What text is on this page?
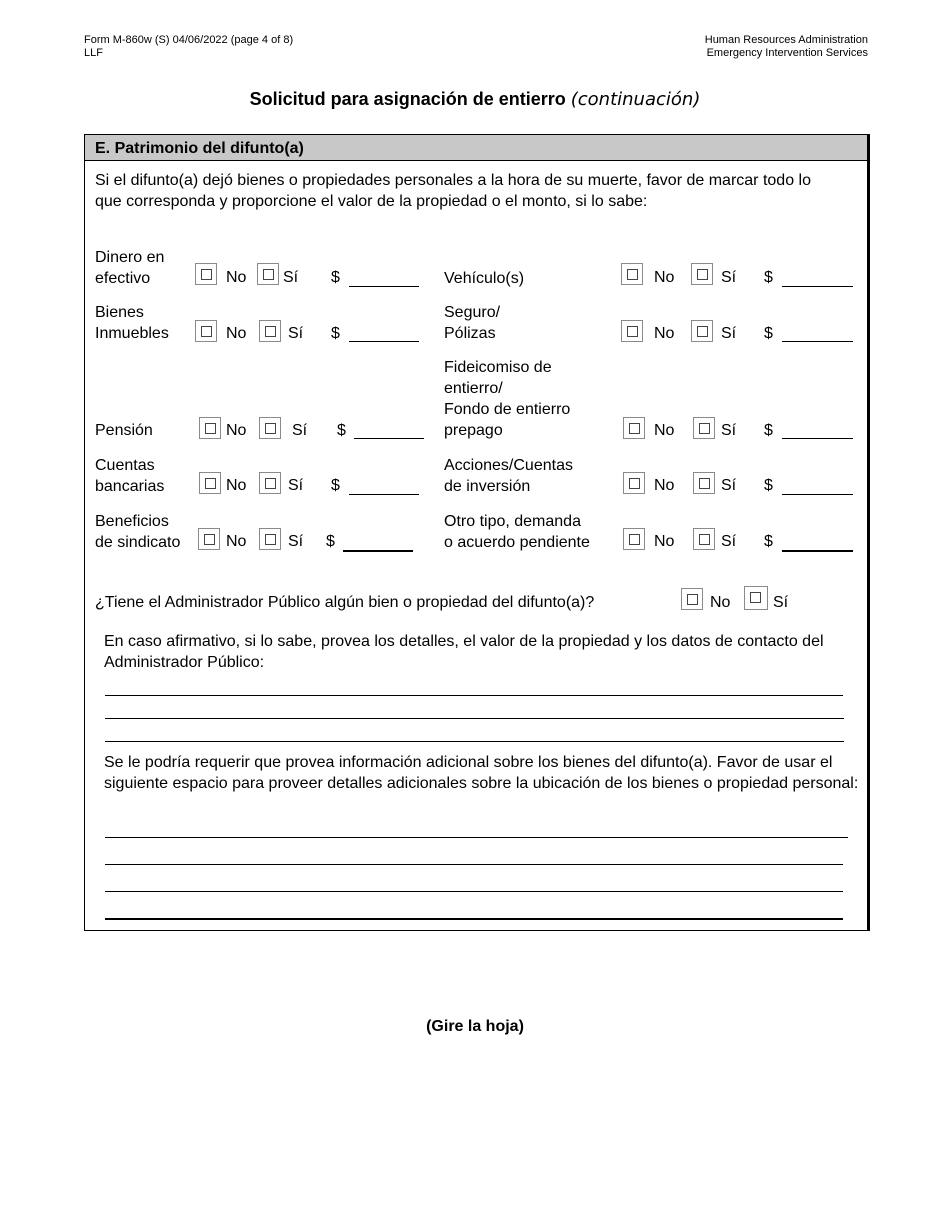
Form M-860w (S) 04/06/2022 (page 4 of 8)
LLF
Human Resources Administration
Emergency Intervention Services
Solicitud para asignación de entierro (continuación)
E. Patrimonio del difunto(a)
Si el difunto(a) dejó bienes o propiedades personales a la hora de su muerte, favor de marcar todo lo que corresponda y proporcione el valor de la propiedad o el monto, si lo sabe:
Dinero en
efectivo	No Sí $	Vehículo(s)	No	Sí $
Bienes
Inmuebles	No	Sí $
Seguro/
Pólizas	No	Sí $
Pensión	No	Sí $
Fideicomiso de
entierro/
Fondo de entierro
prepago	No	Sí $
Cuentas
bancarias	No	Sí $
Acciones/Cuentas
de inversión	No	Sí $
Beneficios
de sindicato	No	Sí $
Otro tipo, demanda
o acuerdo pendiente	No	Sí $
¿Tiene el Administrador Público algún bien o propiedad del difunto(a)?	No	Sí
En caso afirmativo, si lo sabe, provea los detalles, el valor de la propiedad y los datos de contacto del Administrador Público:
Se le podría requerir que provea información adicional sobre los bienes del difunto(a). Favor de usar el siguiente espacio para proveer detalles adicionales sobre la ubicación de los bienes o propiedad personal:
(Gire la hoja)
